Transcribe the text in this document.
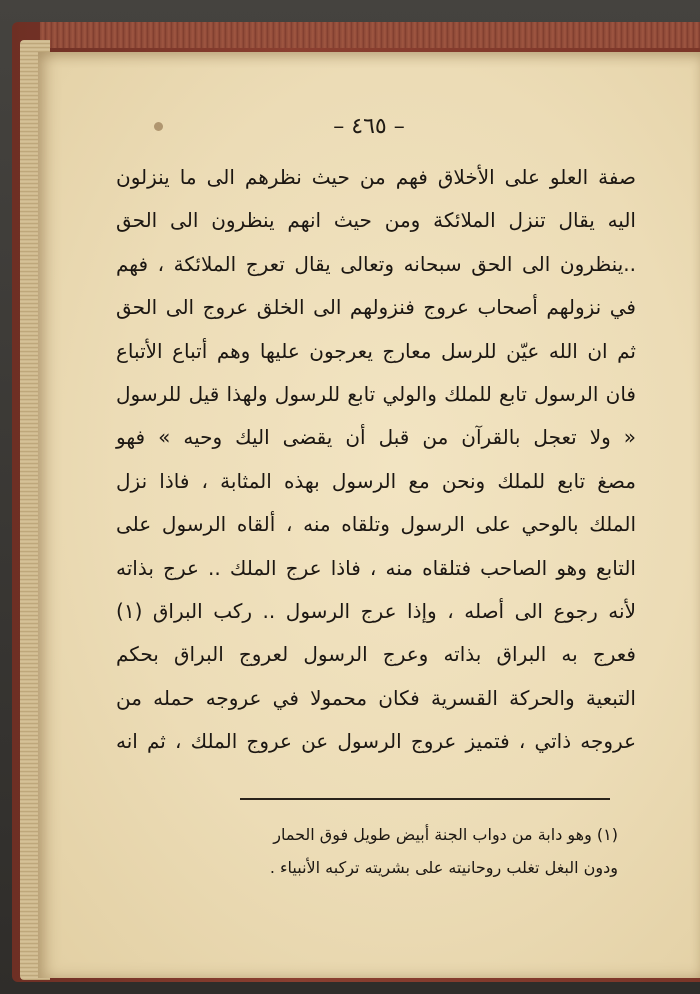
– ٤٦٥ –
صفة العلو على الأخلاق فهم من حيث نظرهم الى ما ينزلون
اليه يقال تنزل الملائكة ومن حيث انهم ينظرون الى الحق
..ينظرون الى الحق سبحانه وتعالى يقال تعرج الملائكة ، فهم
في نزولهم أصحاب عروج فنزولهم الى الخلق عروج الى الحق
ثم ان الله عيّن للرسل معارج يعرجون عليها وهم أتباع الأتباع
فان الرسول تابع للملك والولي تابع للرسول ولهذا قيل للرسول
« ولا تعجل بالقرآن من قبل أن يقضى اليك وحيه » فهو
مصغ تابع للملك ونحن مع الرسول بهذه المثابة ، فاذا نزل
الملك بالوحي على الرسول وتلقاه منه ، ألقاه الرسول على
التابع وهو الصاحب فتلقاه منه ، فاذا عرج الملك .. عرج بذاته
لأنه رجوع الى أصله ، وإذا عرج الرسول .. ركب البراق (١)
فعرج به البراق بذاته وعرج الرسول لعروج البراق بحكم
التبعية والحركة القسرية فكان محمولا في عروجه حمله من
عروجه ذاتي ، فتميز عروج الرسول عن عروج الملك ، ثم انه
(١) وهو دابة من دواب الجنة أبيض طويل فوق الحمار
ودون البغل تغلب روحانيته على بشريته تركبه الأنبياء .
